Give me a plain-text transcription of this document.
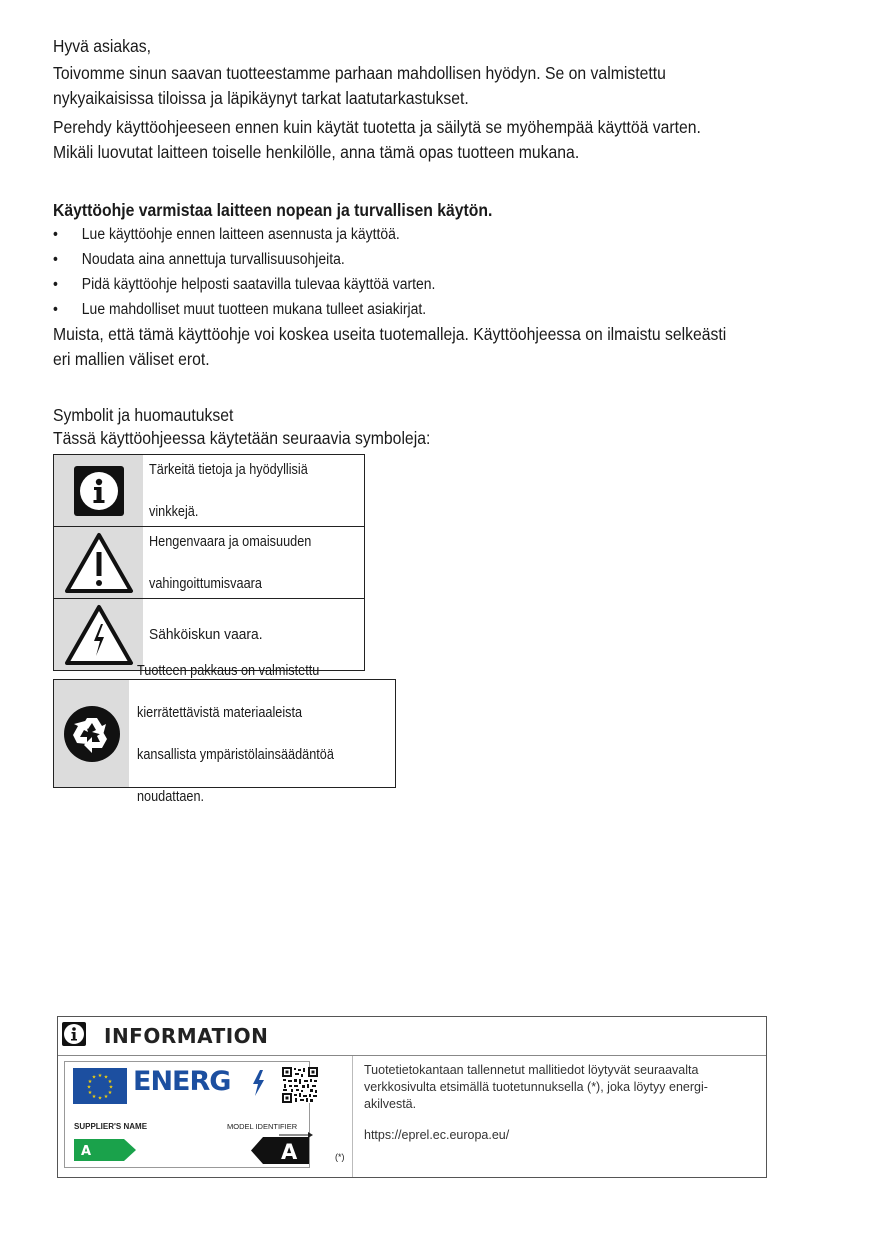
Hyvä asiakas,

Toivomme sinun saavan tuotteestamme parhaan mahdollisen hyödyn. Se on valmistettu

nykyaikaisissa tiloissa ja läpikäynyt tarkat laatutarkastukset.

Perehdy käyttöohjeeseen ennen kuin käytät tuotetta ja säilytä se myöhempää käyttöä varten.

Mikäli luovutat laitteen toiselle henkilölle, anna tämä opas tuotteen mukana.

Käyttöohje varmistaa laitteen nopean ja turvallisen käytön.

• Lue käyttöohje ennen laitteen asennusta ja käyttöä.
• Noudata aina annettuja turvallisuusohjeita.
• Pidä käyttöohje helposti saatavilla tulevaa käyttöä varten.
• Lue mahdolliset muut tuotteen mukana tulleet asiakirjat.

Muista, että tämä käyttöohje voi koskea useita tuotemalleja. Käyttöohjeessa on ilmaistu selkeästi

eri mallien väliset erot.

Symbolit ja huomautukset

Tässä käyttöohjeessa käytetään seuraavia symboleja:

Tärkeitä tietoja ja hyödyllisiä

vinkkejä.
Hengenvaara ja omaisuuden

vahingoittumisvaara
Sähköiskun vaara.
Tuotteen pakkaus on valmistettu

kierrätettävistä materiaaleista

kansallista ympäristölainsäädäntöä

noudattaen.
INFORMATION
★ ★
★
★
★
★
★
★
★
★
★
★ ENERG
SUPPLIER'S NAME	MODEL IDENTIFIER
A	A	(*)
Tuotetietokantaan tallennetut mallitiedot löytyvät seuraavalta
verkkosivulta etsimällä tuotetunnuksella (*), joka löytyy energi-
akilvestä.
https://eprel.ec.europa.eu/
